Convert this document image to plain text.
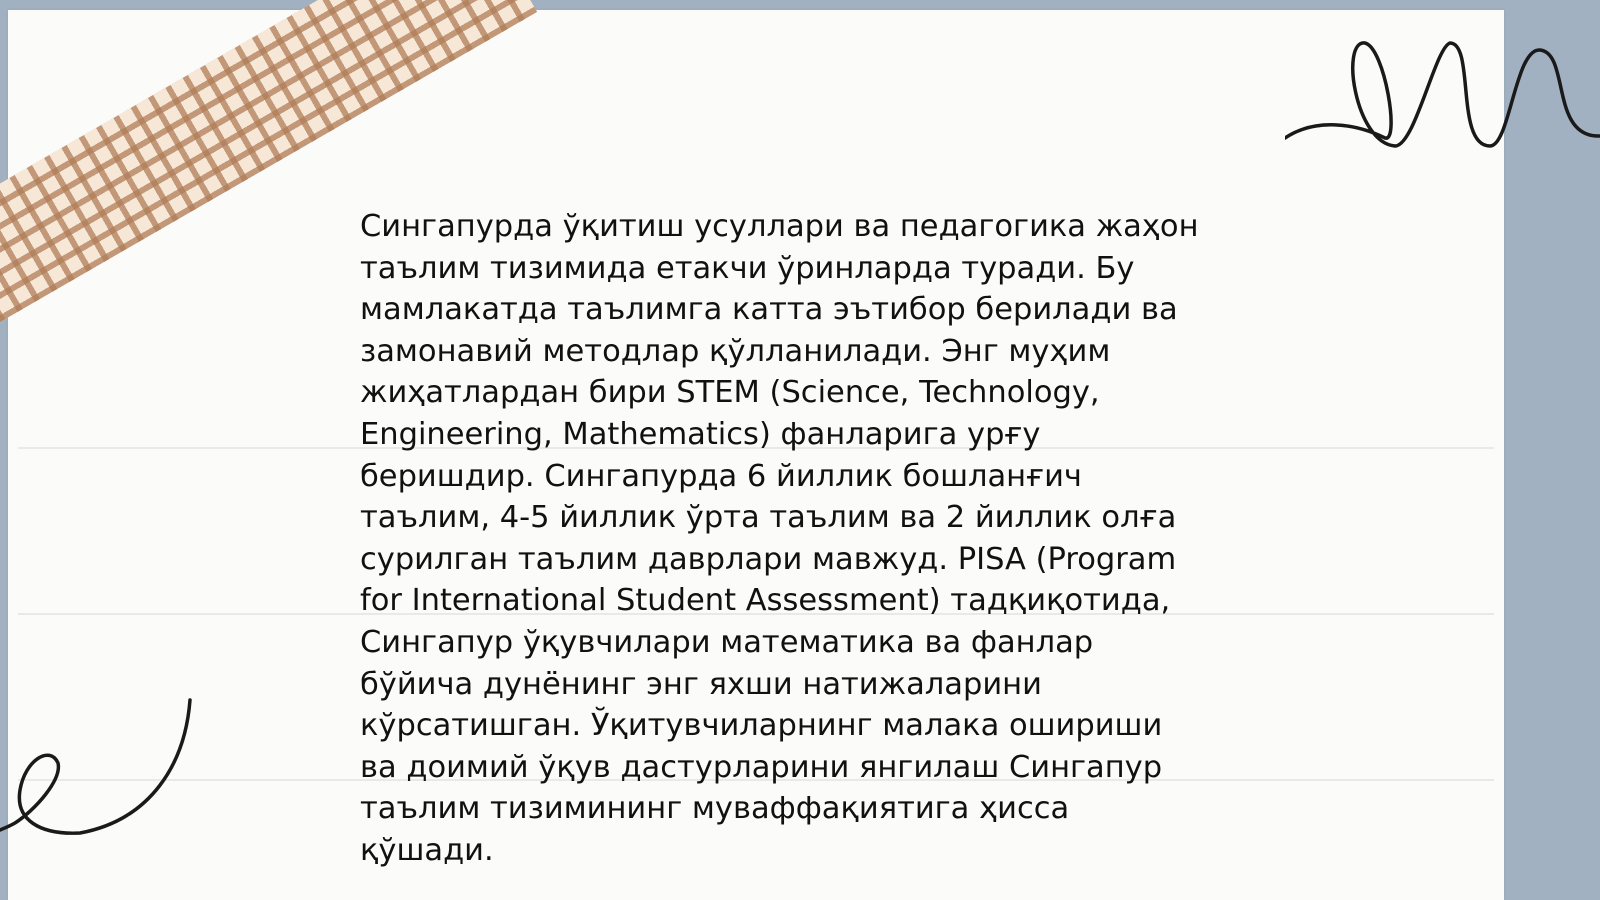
Сингапурда ўқитиш усуллари ва педагогика жаҳон
таълим тизимида етакчи ўринларда туради. Бу
мамлакатда таълимга катта эътибор берилади ва
замонавий методлар қўлланилади. Энг муҳим
жиҳатлардан бири STEM (Science, Technology,
Engineering, Mathematics) фанларига урғу
беришдир. Сингапурда 6 йиллик бошланғич
таълим, 4-5 йиллик ўрта таълим ва 2 йиллик олға
сурилган таълим даврлари мавжуд. PISA (Program
for International Student Assessment) тадқиқотида,
Сингапур ўқувчилари математика ва фанлар
бўйича дунёнинг энг яхши натижаларини
кўрсатишган. Ўқитувчиларнинг малака ошириши
ва доимий ўқув дастурларини янгилаш Сингапур
таълим тизимининг муваффақиятига ҳисса
қўшади.
